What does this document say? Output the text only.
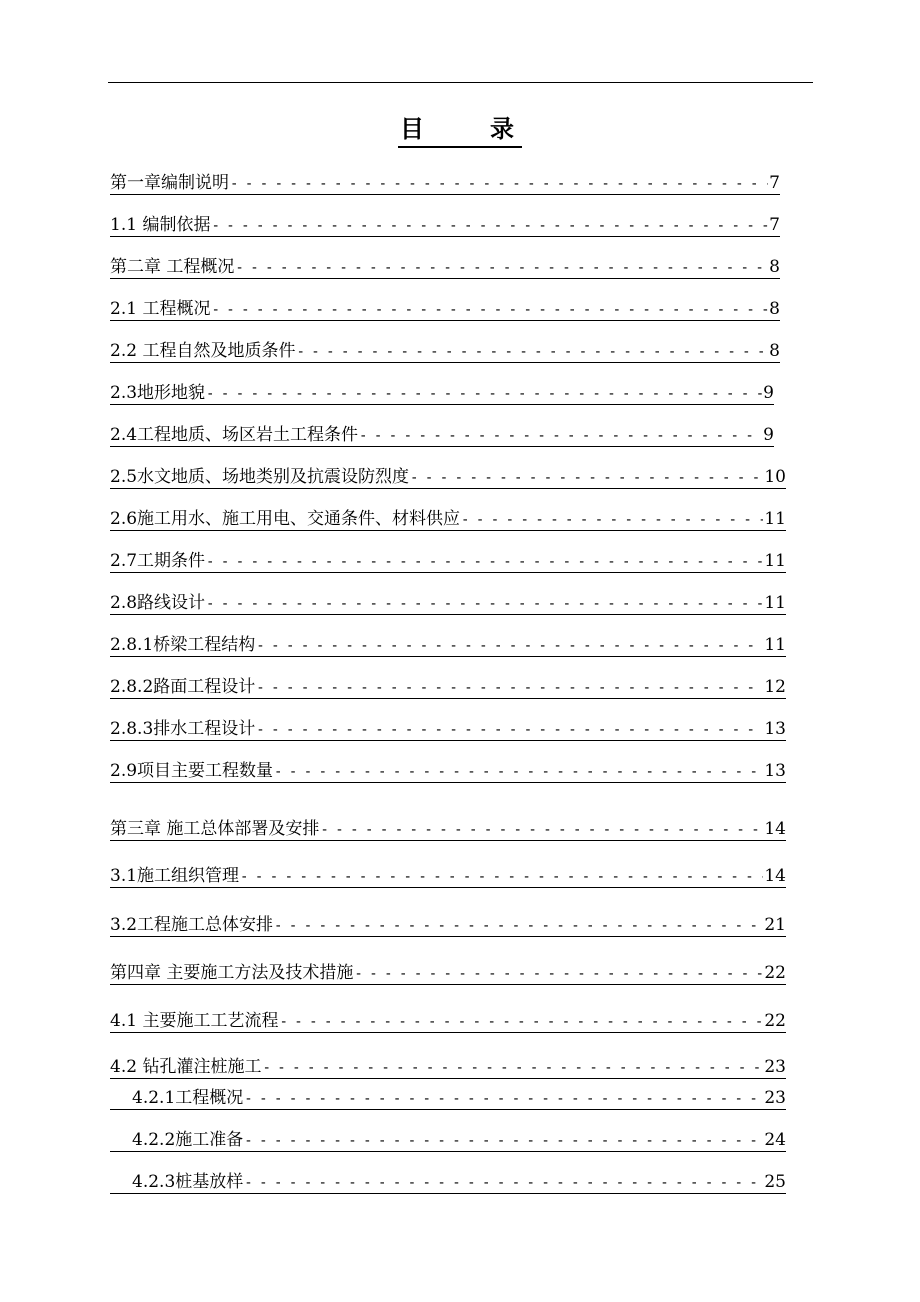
目　　录
第一章编制说明 - - -	7
1.1 编制依据 - - -	7
第二章 工程概况 - - -	8
2.1 工程概况 - - -	8
2.2 工程自然及地质条件 - - -	8
2.3地形地貌 - - -	9
2.4工程地质、场区岩土工程条件 - - -	9
2.5水文地质、场地类别及抗震设防烈度 - - -	10
2.6施工用水、施工用电、交通条件、材料供应 - - -	11
2.7工期条件 - - -	11
2.8路线设计 - - -	11
2.8.1桥梁工程结构 - - -	11
2.8.2路面工程设计 - - -	12
2.8.3排水工程设计 - - -	13
2.9项目主要工程数量 - - -	13
第三章 施工总体部署及安排 - - -	14
3.1施工组织管理 - - -	14
3.2工程施工总体安排 - - -	21
第四章 主要施工方法及技术措施 - - -	22
4.1 主要施工工艺流程 - - -	22
4.2 钻孔灌注桩施工 - - -	23
4.2.1工程概况 - - -	23
4.2.2施工准备 - - -	24
4.2.3桩基放样 - - -	25
